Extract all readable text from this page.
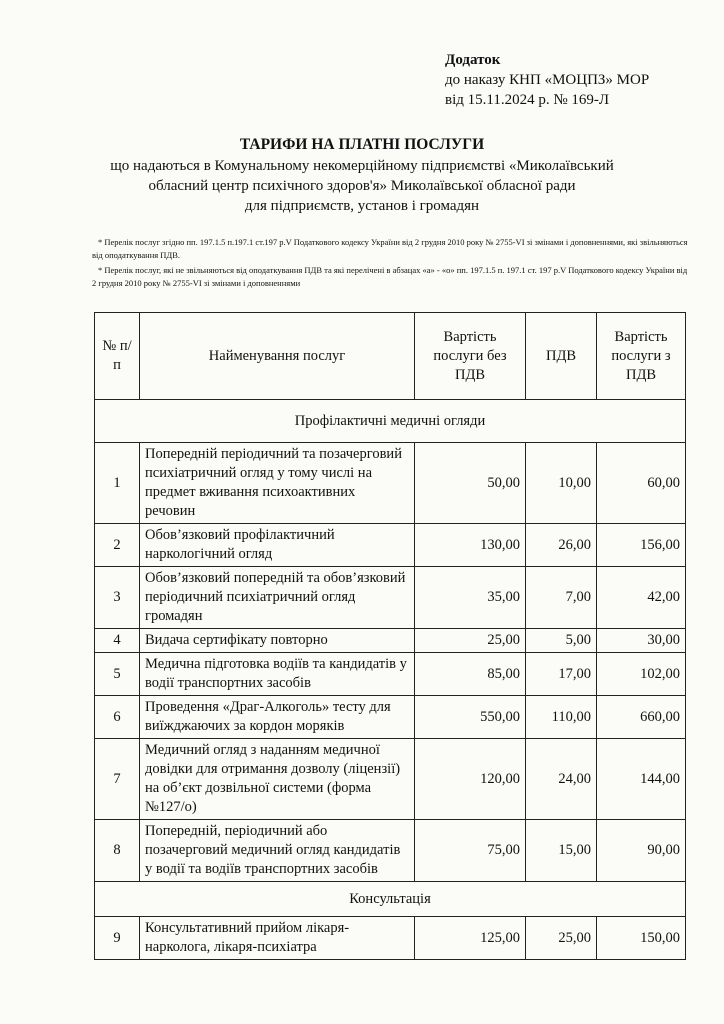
Додаток
до наказу КНП «МОЦПЗ» МОР
від 15.11.2024 р. № 169-Л
ТАРИФИ НА ПЛАТНІ ПОСЛУГИ
що надаються в Комунальному некомерційному підприємстві «Миколаївський
обласний центр психічного здоров'я» Миколаївської обласної ради
для підприємств, установ і громадян

* Перелік послуг згідно пп. 197.1.5 п.197.1 ст.197 р.V Податкового кодексу України від 2 грудня 2010 року № 2755-VI зі змінами і доповненнями, які звільняються від оподаткування ПДВ.

* Перелік послуг, які не звільняються від оподаткування ПДВ та які перелічені в абзацах «а» - «о» пп. 197.1.5 п. 197.1 ст. 197 р.V Податкового кодексу України від 2 грудня 2010 року № 2755-VI зі змінами і доповненнями

№ п/п	Найменування послуг	Вартість послуги без ПДВ	ПДВ	Вартість послуги з ПДВ
Профілактичні медичні огляди				
1	Попередній періодичний та позачерговий психіатричний огляд у тому числі на предмет вживання психоактивних речовин	50,00	10,00	60,00
2	Обов’язковий профілактичний наркологічний огляд	130,00	26,00	156,00
3	Обов’язковий попередній та обов’язковий періодичний психіатричний огляд громадян	35,00	7,00	42,00
4	Видача сертифікату повторно	25,00	5,00	30,00
5	Медична підготовка водіїв та кандидатів у водії транспортних засобів	85,00	17,00	102,00
6	Проведення «Драг-Алкоголь» тесту для виїжджаючих за кордон моряків	550,00	110,00	660,00
7	Медичний огляд з наданням медичної довідки для отримання дозволу (ліцензії) на об’єкт дозвільної системи (форма №127/о)	120,00	24,00	144,00
8	Попередній, періодичний або позачерговий медичний огляд кандидатів у водії та водіїв транспортних засобів	75,00	15,00	90,00
Консультація				
9	Консультативний прийом лікаря-нарколога, лікаря-психіатра	125,00	25,00	150,00
